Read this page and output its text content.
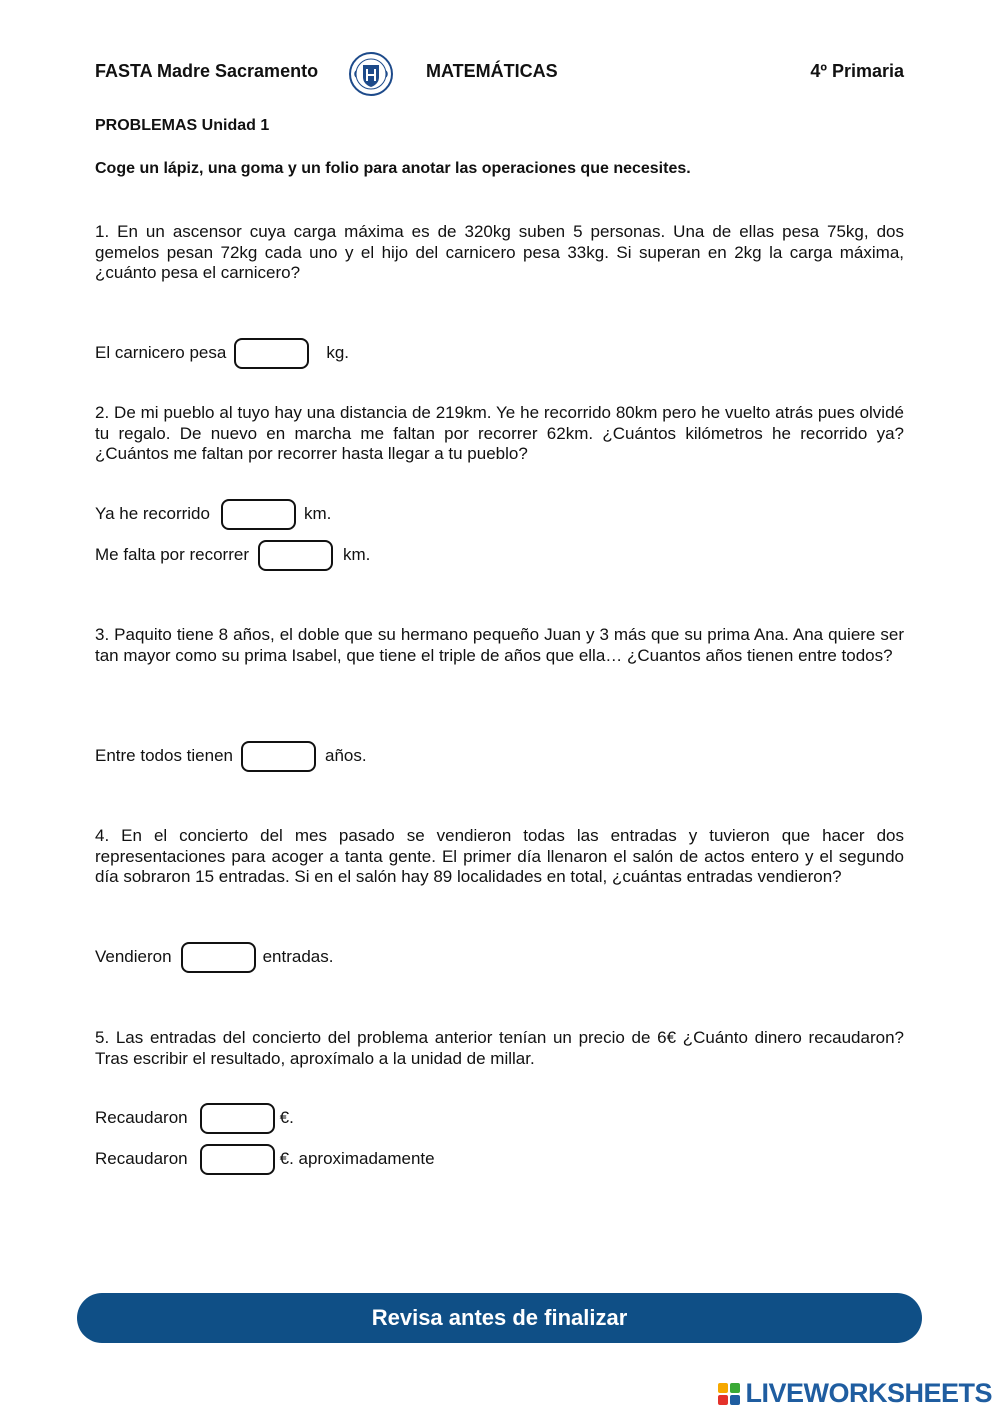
FASTA Madre Sacramento	MATEMÁTICAS	4º Primaria
PROBLEMAS Unidad 1
Coge un lápiz, una goma y un folio para anotar las operaciones que necesites.
1. En un ascensor cuya carga máxima es de 320kg suben 5 personas. Una de ellas pesa 75kg, dos gemelos pesan 72kg cada uno y el hijo del carnicero pesa 33kg. Si superan en 2kg la carga máxima, ¿cuánto pesa el carnicero?
El carnicero pesa	kg.
2. De mi pueblo al tuyo hay una distancia de 219km. Ye he recorrido 80km pero he vuelto atrás pues olvidé tu regalo. De nuevo en marcha me faltan por recorrer 62km. ¿Cuántos kilómetros he recorrido ya? ¿Cuántos me faltan por recorrer hasta llegar a tu pueblo?
Ya he recorrido	km.
Me falta por recorrer	km.
3. Paquito tiene 8 años, el doble que su hermano pequeño Juan y 3 más que su prima Ana. Ana quiere ser tan mayor como su prima Isabel, que tiene el triple de años que ella… ¿Cuantos años tienen entre todos?
Entre todos tienen	años.
4. En el concierto del mes pasado se vendieron todas las entradas y tuvieron que hacer dos representaciones para acoger a tanta gente. El primer día llenaron el salón de actos entero y el segundo día sobraron 15 entradas. Si en el salón hay 89 localidades en total, ¿cuántas entradas vendieron?
Vendieron	entradas.
5. Las entradas del concierto del problema anterior tenían un precio de 6€ ¿Cuánto dinero recaudaron? Tras escribir el resultado, aproxímalo a la unidad de millar.
Recaudaron	€.
Recaudaron	€. aproximadamente
Revisa antes de finalizar
LIVEWORKSHEETS
